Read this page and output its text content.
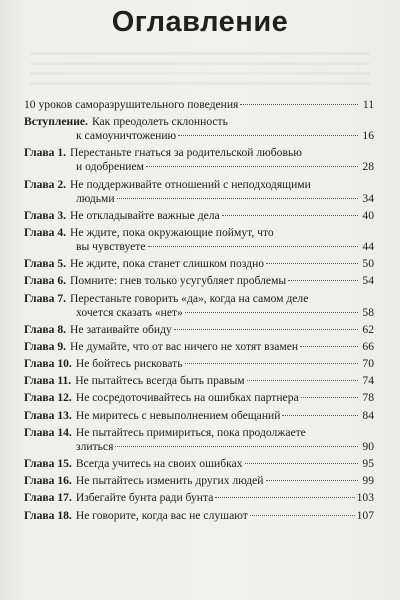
Оглавление
10 уроков саморазрушительного поведения	11
Вступление. Как преодолеть склонность
к самоуничтожению	16
Глава 1. Перестаньте гнаться за родительской любовью
и одобрением	28
Глава 2. Не поддерживайте отношений с неподходящими
людьми	34
Глава 3. Не откладывайте важные дела	40
Глава 4. Не ждите, пока окружающие поймут, что
вы чувствуете	44
Глава 5. Не ждите, пока станет слишком поздно	50
Глава 6. Помните: гнев только усугубляет проблемы	54
Глава 7. Перестаньте говорить «да», когда на самом деле
хочется сказать «нет»	58
Глава 8. Не затаивайте обиду	62
Глава 9. Не думайте, что от вас ничего не хотят взамен	66
Глава 10. Не бойтесь рисковать	70
Глава 11. Не пытайтесь всегда быть правым	74
Глава 12. Не сосредоточивайтесь на ошибках партнера	78
Глава 13. Не миритесь с невыполнением обещаний	84
Глава 14. Не пытайтесь примириться, пока продолжаете
злиться	90
Глава 15. Всегда учитесь на своих ошибках	95
Глава 16. Не пытайтесь изменить других людей	99
Глава 17. Избегайте бунта ради бунта	103
Глава 18. Не говорите, когда вас не слушают	107
